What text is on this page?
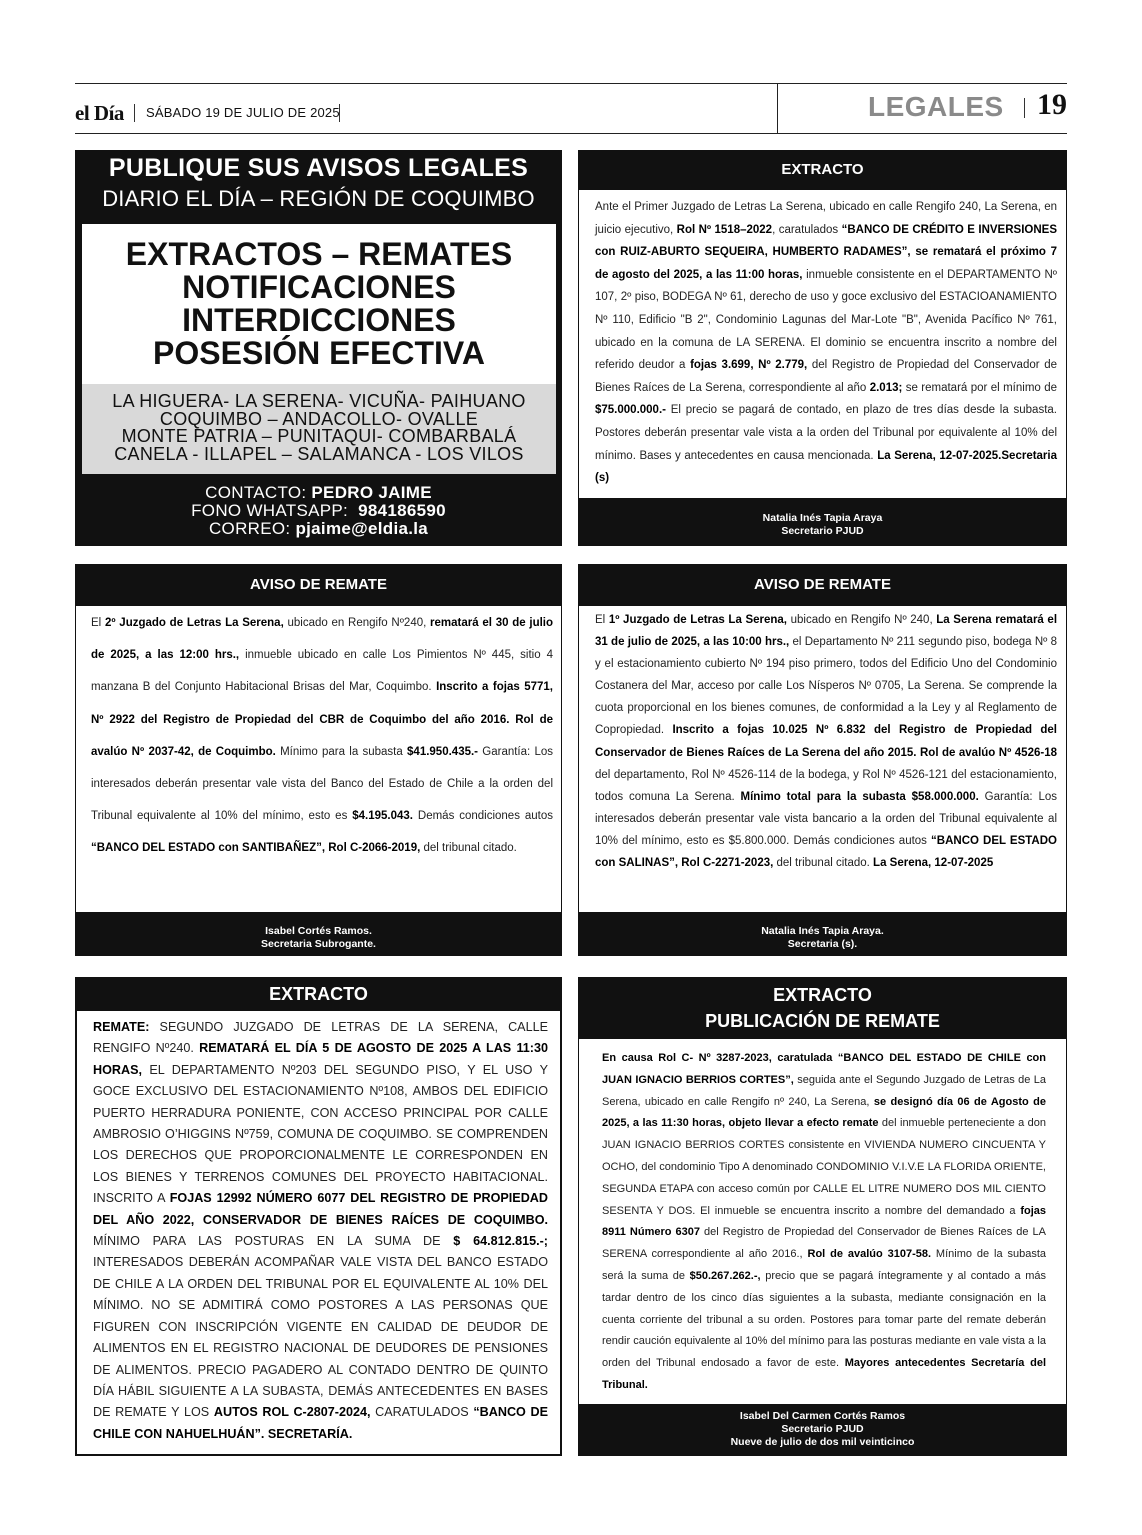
el Día SÁBADO 19 DE JULIO DE 2025	LEGALES 19
PUBLIQUE SUS AVISOS LEGALES
DIARIO EL DÍA – REGIÓN DE COQUIMBO
EXTRACTOS – REMATES
NOTIFICACIONES
INTERDICCIONES
POSESIÓN EFECTIVA
LA HIGUERA- LA SERENA- VICUÑA- PAIHUANO
COQUIMBO – ANDACOLLO- OVALLE
MONTE PATRIA – PUNITAQUI- COMBARBALÁ
CANELA - ILLAPEL – SALAMANCA - LOS VILOS
CONTACTO: PEDRO JAIME
FONO WHATSAPP: 984186590
CORREO: pjaime@eldia.la
EXTRACTO
Ante el Primer Juzgado de Letras La Serena, ubicado en calle Rengifo 240, La Serena, en juicio ejecutivo, Rol Nº 1518–2022, caratulados “BANCO DE CRÉDITO E INVERSIONES con RUIZ-ABURTO SEQUEIRA, HUMBERTO RADAMES”, se rematará el próximo 7 de agosto del 2025, a las 11:00 horas, inmueble consistente en el DEPARTAMENTO Nº 107, 2º piso, BODEGA Nº 61, derecho de uso y goce exclusivo del ESTACIOANAMIENTO Nº 110, Edificio "B 2", Condominio Lagunas del Mar-Lote "B", Avenida Pacífico Nº 761, ubicado en la comuna de LA SERENA. El dominio se encuentra inscrito a nombre del referido deudor a fojas 3.699, Nº 2.779, del Registro de Propiedad del Conservador de Bienes Raíces de La Serena, correspondiente al año 2.013; se rematará por el mínimo de $75.000.000.- El precio se pagará de contado, en plazo de tres días desde la subasta. Postores deberán presentar vale vista a la orden del Tribunal por equivalente al 10% del mínimo. Bases y antecedentes en causa mencionada. La Serena, 12-07-2025.Secretaria (s)
Natalia Inés Tapia Araya
Secretario PJUD
AVISO DE REMATE
El 2º Juzgado de Letras La Serena, ubicado en Rengifo Nº240, rematará el 30 de julio de 2025, a las 12:00 hrs., inmueble ubicado en calle Los Pimientos Nº 445, sitio 4 manzana B del Conjunto Habitacional Brisas del Mar, Coquimbo. Inscrito a fojas 5771, Nº 2922 del Registro de Propiedad del CBR de Coquimbo del año 2016. Rol de avalúo Nº 2037-42, de Coquimbo. Mínimo para la subasta $41.950.435.- Garantía: Los interesados deberán presentar vale vista del Banco del Estado de Chile a la orden del Tribunal equivalente al 10% del mínimo, esto es $4.195.043. Demás condiciones autos “BANCO DEL ESTADO con SANTIBAÑEZ”, Rol C-2066-2019, del tribunal citado.
Isabel Cortés Ramos.
Secretaria Subrogante.
AVISO DE REMATE
El 1º Juzgado de Letras La Serena, ubicado en Rengifo Nº 240, La Serena rematará el 31 de julio de 2025, a las 10:00 hrs., el Departamento Nº 211 segundo piso, bodega Nº 8 y el estacionamiento cubierto Nº 194 piso primero, todos del Edificio Uno del Condominio Costanera del Mar, acceso por calle Los Nísperos Nº 0705, La Serena. Se comprende la cuota proporcional en los bienes comunes, de conformidad a la Ley y al Reglamento de Copropiedad. Inscrito a fojas 10.025 Nº 6.832 del Registro de Propiedad del Conservador de Bienes Raíces de La Serena del año 2015. Rol de avalúo Nº 4526-18 del departamento, Rol Nº 4526-114 de la bodega, y Rol Nº 4526-121 del estacionamiento, todos comuna La Serena. Mínimo total para la subasta $58.000.000. Garantía: Los interesados deberán presentar vale vista bancario a la orden del Tribunal equivalente al 10% del mínimo, esto es $5.800.000. Demás condiciones autos “BANCO DEL ESTADO con SALINAS”, Rol C-2271-2023, del tribunal citado. La Serena, 12-07-2025
Natalia Inés Tapia Araya.
Secretaria (s).
EXTRACTO
REMATE: SEGUNDO JUZGADO DE LETRAS DE LA SERENA, CALLE RENGIFO Nº240. REMATARÁ EL DÍA 5 DE AGOSTO DE 2025 A LAS 11:30 HORAS, EL DEPARTAMENTO Nº203 DEL SEGUNDO PISO, Y EL USO Y GOCE EXCLUSIVO DEL ESTACIONAMIENTO Nº108, AMBOS DEL EDIFICIO PUERTO HERRADURA PONIENTE, CON ACCESO PRINCIPAL POR CALLE AMBROSIO O’HIGGINS Nº759, COMUNA DE COQUIMBO. SE COMPRENDEN LOS DERECHOS QUE PROPORCIONALMENTE LE CORRESPONDEN EN LOS BIENES Y TERRENOS COMUNES DEL PROYECTO HABITACIONAL. INSCRITO A FOJAS 12992 NÚMERO 6077 DEL REGISTRO DE PROPIEDAD DEL AÑO 2022, CONSERVADOR DE BIENES RAÍCES DE COQUIMBO. MÍNIMO PARA LAS POSTURAS EN LA SUMA DE $ 64.812.815.-; INTERESADOS DEBERÁN ACOMPAÑAR VALE VISTA DEL BANCO ESTADO DE CHILE A LA ORDEN DEL TRIBUNAL POR EL EQUIVALENTE AL 10% DEL MÍNIMO. NO SE ADMITIRÁ COMO POSTORES A LAS PERSONAS QUE FIGUREN CON INSCRIPCIÓN VIGENTE EN CALIDAD DE DEUDOR DE ALIMENTOS EN EL REGISTRO NACIONAL DE DEUDORES DE PENSIONES DE ALIMENTOS. PRECIO PAGADERO AL CONTADO DENTRO DE QUINTO DÍA HÁBIL SIGUIENTE A LA SUBASTA, DEMÁS ANTECEDENTES EN BASES DE REMATE Y LOS AUTOS ROL C-2807-2024, CARATULADOS “BANCO DE CHILE CON NAHUELHUÁN”. SECRETARÍA.
EXTRACTO
PUBLICACIÓN DE REMATE
En causa Rol C- Nº 3287-2023, caratulada “BANCO DEL ESTADO DE CHILE con JUAN IGNACIO BERRIOS CORTES”, seguida ante el Segundo Juzgado de Letras de La Serena, ubicado en calle Rengifo nº 240, La Serena, se designó día 06 de Agosto de 2025, a las 11:30 horas, objeto llevar a efecto remate del inmueble perteneciente a don JUAN IGNACIO BERRIOS CORTES consistente en VIVIENDA NUMERO CINCUENTA Y OCHO, del condominio Tipo A denominado CONDOMINIO V.I.V.E LA FLORIDA ORIENTE, SEGUNDA ETAPA con acceso común por CALLE EL LITRE NUMERO DOS MIL CIENTO SESENTA Y DOS. El inmueble se encuentra inscrito a nombre del demandado a fojas 8911 Número 6307 del Registro de Propiedad del Conservador de Bienes Raíces de LA SERENA correspondiente al año 2016., Rol de avalúo 3107-58. Mínimo de la subasta será la suma de $50.267.262.-, precio que se pagará íntegramente y al contado a más tardar dentro de los cinco días siguientes a la subasta, mediante consignación en la cuenta corriente del tribunal a su orden. Postores para tomar parte del remate deberán rendir caución equivalente al 10% del mínimo para las posturas mediante en vale vista a la orden del Tribunal endosado a favor de este. Mayores antecedentes Secretaría del Tribunal.
Isabel Del Carmen Cortés Ramos
Secretario PJUD
Nueve de julio de dos mil veinticinco
